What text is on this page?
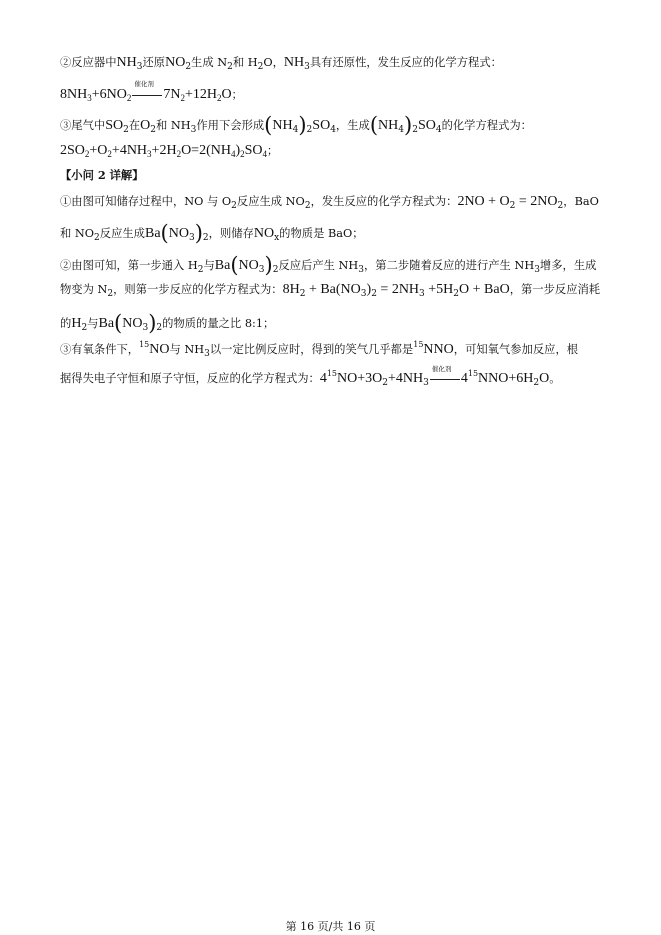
②反应器中$NH_3$还原$NO_2$生成 $N_2$和 $H_2O$，$NH_3$具有还原性，发生反应的化学方程式：
$8NH_3+6NO_2$
催化剂
$7N_2+12H_2O$；
③尾气中$SO_2$在$O_2$和 $NH_3$作用下会形成$(NH_4)_2SO_4$，生成$(NH_4)_2SO_4$的化学方程式为：
$2SO_2+O_2+4NH_3+2H_2O=2(NH_4)_2SO_4$；
【小问 2 详解】
①由图可知储存过程中，NO 与 $O_2$反应生成 $NO_2$，发生反应的化学方程式为：$2NO + O_2 = 2NO_2$，BaO
和 $NO_2$反应生成$Ba(NO_3)_2$，则储存$NO_x$的物质是 BaO；
②由图可知，第一步通入 $H_2$与$Ba(NO_3)_2$反应后产生 $NH_3$，第二步随着反应的进行产生 $NH_3$增多，生成
物变为 $N_2$，则第一步反应的化学方程式为：$8H_2 + Ba(NO_3)_2 = 2NH_3 +5H_2O$ + BaO，第一步反应消耗
的$H_2$与$Ba(NO_3)_2$的物质的量之比 8:1；
③有氧条件下，$^{15}$NO与 $NH_3$以一定比例反应时，得到的笑气几乎都是$^{15}$NNO，可知氧气参加反应，根
据得失电子守恒和原子守恒，反应的化学方程式为：$4^{15}NO+3O_2+4NH_3$
催化剂
$4^{15}NNO+6H_2O$。
第 16 页/共 16 页
